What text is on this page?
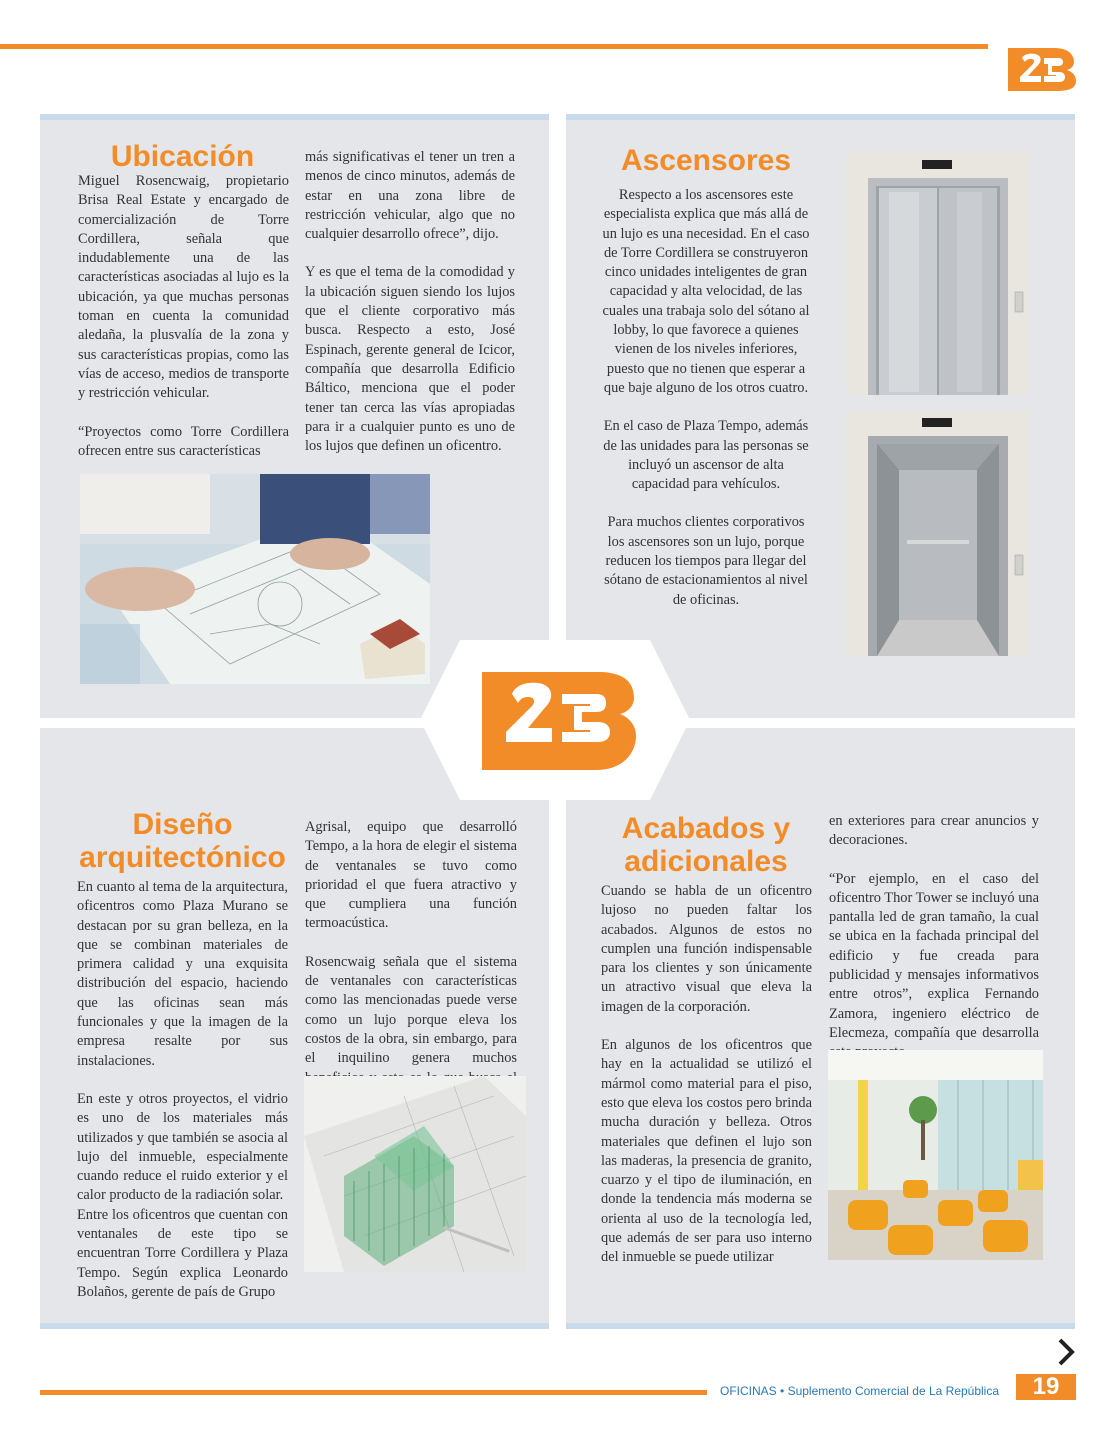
Ubicación

Miguel Rosencwaig, propietario Brisa Real Estate y encargado de comercialización de Torre Cordillera, señala que indudablemente una de las características asociadas al lujo es la ubicación, ya que muchas personas toman en cuenta la comunidad aledaña, la plusvalía de la zona y sus características propias, como las vías de acceso, medios de transporte y restricción vehicular.

“Proyectos como Torre Cordillera ofrecen entre sus características

más significativas el tener un tren a menos de cinco minutos, además de estar en una zona libre de restricción vehicular, algo que no cualquier desarrollo ofrece”, dijo.

Y es que el tema de la comodidad y la ubicación siguen siendo los lujos que el cliente corporativo más busca. Respecto a esto, José Espinach, gerente general de Icicor, compañía que desarrolla Edificio Báltico, menciona que el poder tener tan cerca las vías apropiadas para ir a cualquier punto es uno de los lujos que definen un oficentro.

Ascensores

Respecto a los ascensores este especialista explica que más allá de un lujo es una necesidad. En el caso de Torre Cordillera se construyeron cinco unidades inteligentes de gran capacidad y alta velocidad, de las cuales una trabaja solo del sótano al lobby, lo que favorece a quienes vienen de los niveles inferiores, puesto que no tienen que esperar a que baje alguno de los otros cuatro.

En el caso de Plaza Tempo, además de las unidades para las personas se incluyó un ascensor de alta capacidad para vehículos.

Para muchos clientes corporativos los ascensores son un lujo, porque reducen los tiempos para llegar del sótano de estacionamientos al nivel de oficinas.

Diseño
arquitectónico

En cuanto al tema de la arquitectura, oficentros como Plaza Murano se destacan por su gran belleza, en la que se combinan materiales de primera calidad y una exquisita distribución del espacio, haciendo que las oficinas sean más funcionales y que la imagen de la empresa resalte por sus instalaciones.

En este y otros proyectos, el vidrio es uno de los materiales más utilizados y que también se asocia al lujo del inmueble, especialmente cuando reduce el ruido exterior y el calor producto de la radiación solar.

Entre los oficentros que cuentan con ventanales de este tipo se encuentran Torre Cordillera y Plaza Tempo. Según explica Leonardo Bolaños, gerente de país de Grupo

Agrisal, equipo que desarrolló Tempo, a la hora de elegir el sistema de ventanales se tuvo como prioridad el que fuera atractivo y que cumpliera una función termoacústica.

Rosencwaig señala que el sistema de ventanales con características como las mencionadas puede verse como un lujo porque eleva los costos de la obra, sin embargo, para el inquilino genera muchos

Acabados y
adicionales

Cuando se habla de un oficentro lujoso no pueden faltar los acabados. Algunos de estos no cumplen una función indispensable para los clientes y son únicamente un atractivo visual que eleva la imagen de la corporación.

En algunos de los oficentros que hay en la actualidad se utilizó el mármol como material para el piso, esto que eleva los costos pero brinda mucha duración y belleza. Otros materiales que definen el lujo son las maderas, la presencia de granito, cuarzo y el tipo de iluminación, en donde la tendencia más moderna se orienta al uso de la tecnología led, que además de ser para uso interno del inmueble se puede utilizar

en exteriores para crear anuncios y decoraciones.

“Por ejemplo, en el caso del oficentro Thor Tower se incluyó una pantalla led de gran tamaño, la cual se ubica en la fachada principal del edificio y fue creada para publicidad y mensajes informativos entre otros”, explica Fernando Zamora, ingeniero eléctrico de Elecmeza, compañía que desarrolla

OFICINAS • Suplemento Comercial de La República	19
